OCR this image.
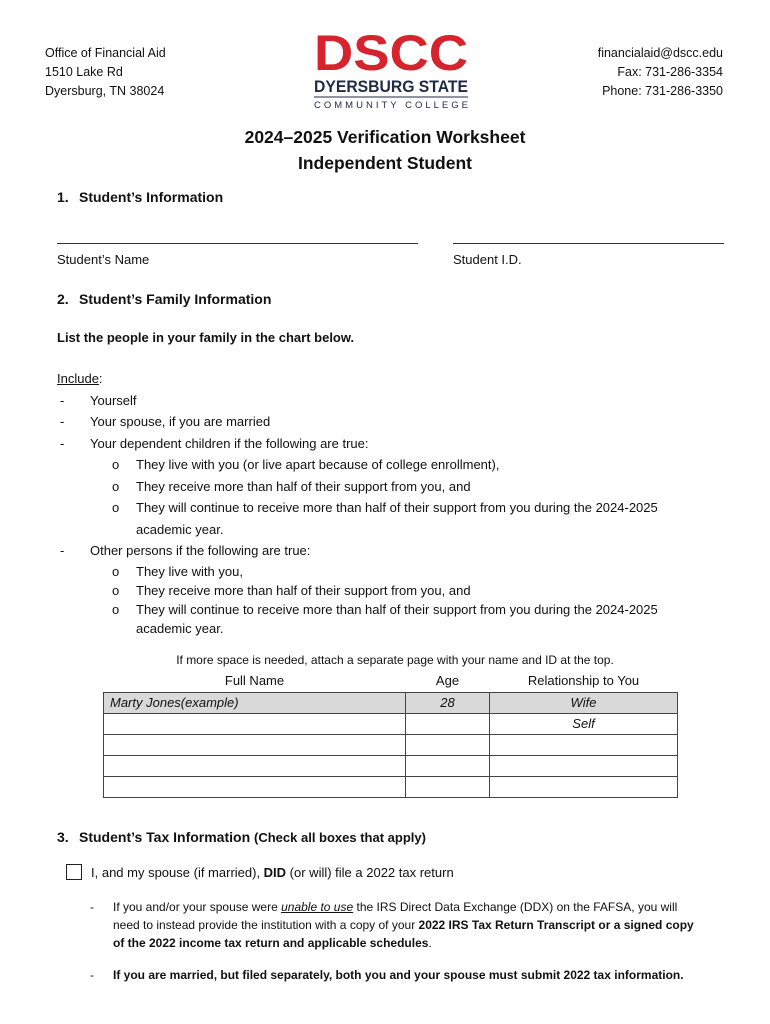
Office of Financial Aid
1510 Lake Rd
Dyersburg, TN 38024
DSCC
DYERSBURG STATE
COMMUNITY COLLEGE
financialaid@dscc.edu
Fax: 731-286-3354
Phone: 731-286-3350
2024–2025 Verification Worksheet
Independent Student
1. Student’s Information
Student’s Name	Student I.D.
2. Student’s Family Information
List the people in your family in the chart below.
Include:
- Yourself
- Your spouse, if you are married
- Your dependent children if the following are true:
o They live with you (or live apart because of college enrollment),
o They receive more than half of their support from you, and
o They will continue to receive more than half of their support from you during the 2024-2025
academic year.
- Other persons if the following are true:
o They live with you,
o They receive more than half of their support from you, and
o They will continue to receive more than half of their support from you during the 2024-2025
academic year.
If more space is needed, attach a separate page with your name and ID at the top.
Full Name	Age	Relationship to You
Marty Jones(example)	28	Wife
		Self

3. Student’s Tax Information (Check all boxes that apply)
I, and my spouse (if married), DID (or will) file a 2022 tax return
- If you and/or your spouse were unable to use the IRS Direct Data Exchange (DDX) on the FAFSA, you will
need to instead provide the institution with a copy of your 2022 IRS Tax Return Transcript or a signed copy
of the 2022 income tax return and applicable schedules.
-	If you are married, but filed separately, both you and your spouse must submit 2022 tax information.
